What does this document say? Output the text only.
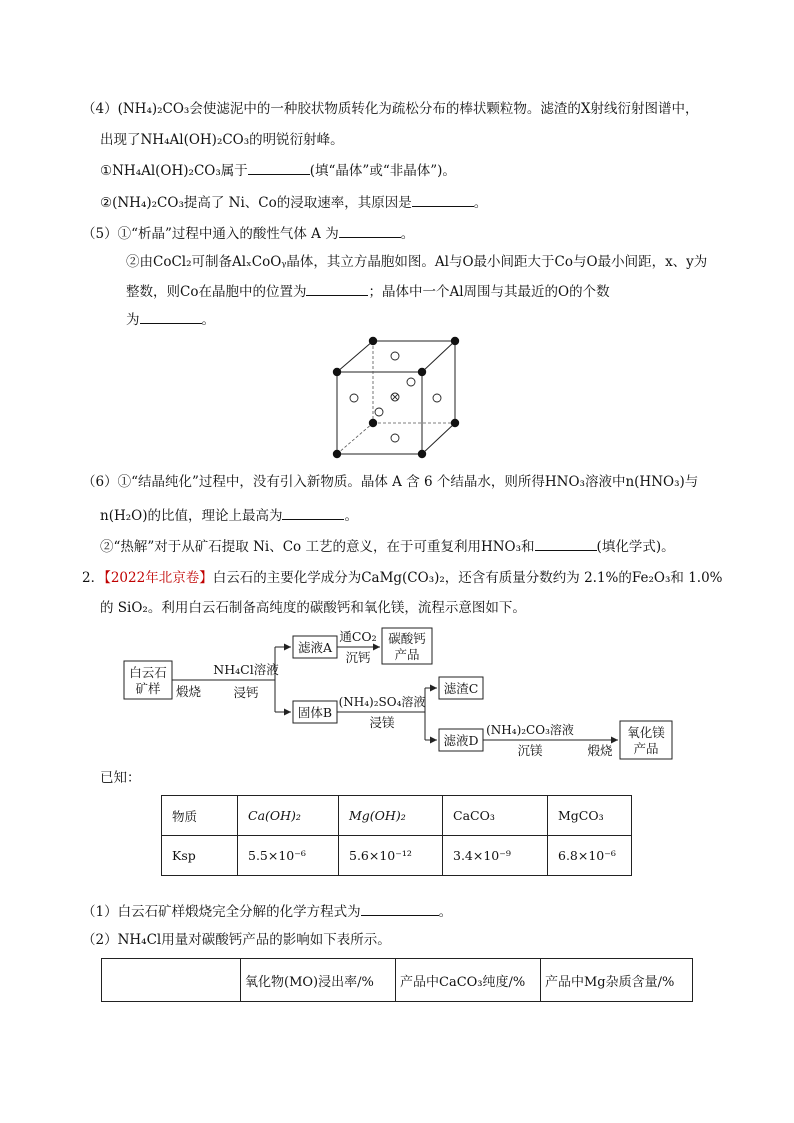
（4）(NH₄)₂CO₃会使滤泥中的一种胶状物质转化为疏松分布的棒状颗粒物。滤渣的X射线衍射图谱中，
出现了NH₄Al(OH)₂CO₃的明锐衍射峰。
①NH₄Al(OH)₂CO₃属于	(填“晶体”或“非晶体”)。
②(NH₄)₂CO₃提高了 Ni、Co的浸取速率，其原因是	。
（5）①“析晶”过程中通入的酸性气体 A 为	。
②由CoCl₂可制备AlₓCoOᵧ晶体，其立方晶胞如图。Al与O最小间距大于Co与O最小间距，x、y为
整数，则Co在晶胞中的位置为	；晶体中一个Al周围与其最近的O的个数
为	。
（6）①“结晶纯化”过程中，没有引入新物质。晶体 A 含 6 个结晶水，则所得HNO₃溶液中n(HNO₃)与
n(H₂O)的比值，理论上最高为	。
②“热解”对于从矿石提取 Ni、Co 工艺的意义，在于可重复利用HNO₃和	(填化学式)。
2．【2022年北京卷】白云石的主要化学成分为CaMg(CO₃)₂，还含有质量分数约为 2.1%的Fe₂O₃和 1.0%
的 SiO₂。利用白云石制备高纯度的碳酸钙和氧化镁，流程示意图如下。
白云石
矿样 煅烧
NH₄Cl溶液
浸钙
滤液A
通CO₂
沉钙
碳酸钙
产品
固体B
(NH₄)₂SO₄溶液
浸镁
滤渣C
滤液D
(NH₄)₂CO₃溶液
沉镁	煅烧
氧化镁
产品
已知：
物质	Ca(OH)₂	Mg(OH)₂	CaCO₃	MgCO₃
Ksp	5.5×10⁻⁶	5.6×10⁻¹²	3.4×10⁻⁹	6.8×10⁻⁶
（1）白云石矿样煅烧完全分解的化学方程式为	。
（2）NH₄Cl用量对碳酸钙产品的影响如下表所示。
	氧化物(MO)浸出率/%	产品中CaCO₃纯度/%	产品中Mg杂质含量/%
